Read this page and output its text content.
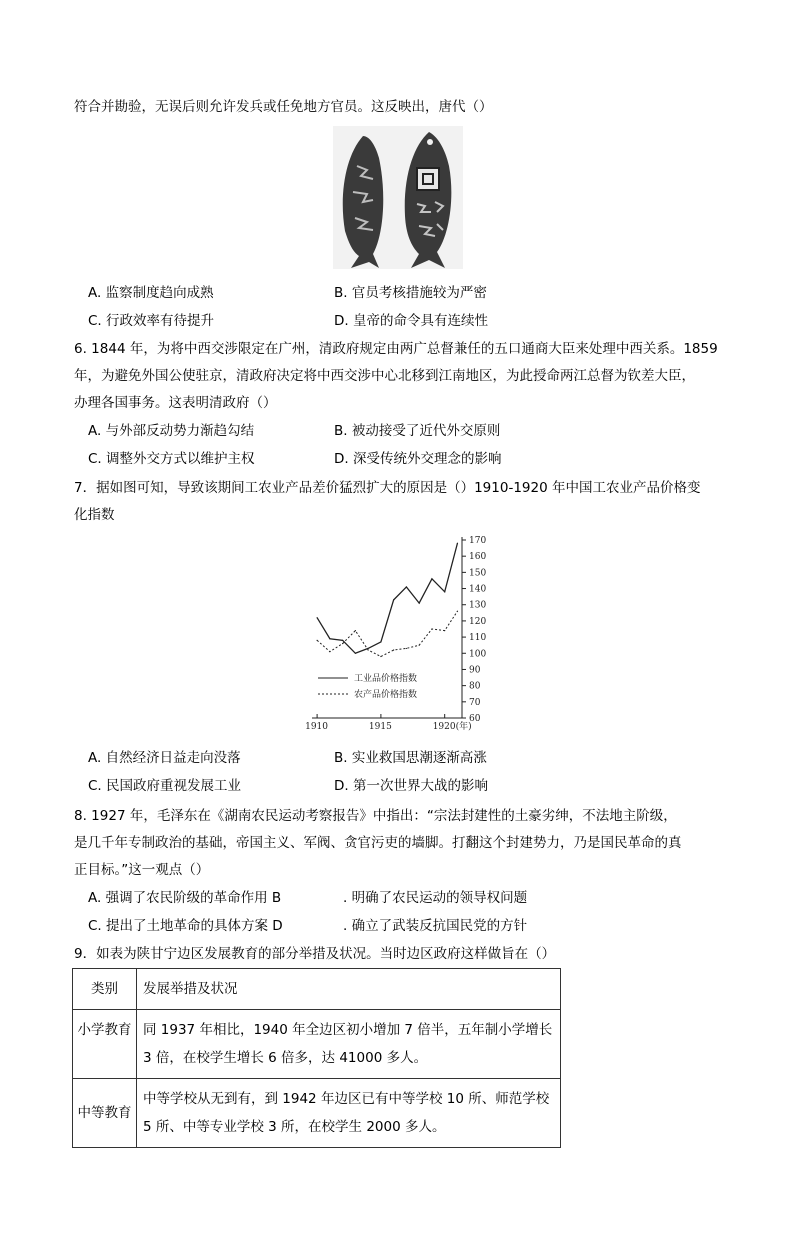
符合并勘验，无误后则允许发兵或任免地方官员。这反映出，唐代（）
A. 监察制度趋向成熟	B. 官员考核措施较为严密
C. 行政效率有待提升	D. 皇帝的命令具有连续性
6. 1844 年，为将中西交涉限定在广州，清政府规定由两广总督兼任的五口通商大臣来处理中西关系。1859
年，为避免外国公使驻京，清政府决定将中西交涉中心北移到江南地区，为此授命两江总督为钦差大臣，
办理各国事务。这表明清政府（）
A. 与外部反动势力渐趋勾结	B. 被动接受了近代外交原则
C. 调整外交方式以维护主权	D. 深受传统外交理念的影响
7．据如图可知，导致该期间工农业产品差价猛烈扩大的原因是（）1910-1920 年中国工农业产品价格变
化指数
170
160
150
140
130
120
110
100
90
80
70
60
1910	1915	1920(年)
工业品价格指数
农产品价格指数
A. 自然经济日益走向没落	B. 实业救国思潮逐渐高涨
C. 民国政府重视发展工业	D. 第一次世界大战的影响
8. 1927 年，毛泽东在《湖南农民运动考察报告》中指出：“宗法封建性的土豪劣绅，不法地主阶级，
是几千年专制政治的基础，帝国主义、军阀、贪官污吏的墙脚。打翻这个封建势力，乃是国民革命的真
正目标。”这一观点（）
A. 强调了农民阶级的革命作用 B	. 明确了农民运动的领导权问题
C. 提出了土地革命的具体方案 D	. 确立了武装反抗国民党的方针
9．如表为陕甘宁边区发展教育的部分举措及状况。当时边区政府这样做旨在（）
类别	发展举措及状况
小学教育	同 1937 年相比，1940 年全边区初小增加 7 倍半，五年制小学增长
3 倍，在校学生增长 6 倍多，达 41000 多人。

中等教育	中等学校从无到有，到 1942 年边区已有中等学校 10 所、师范学校
5 所、中等专业学校 3 所，在校学生 2000 多人。
